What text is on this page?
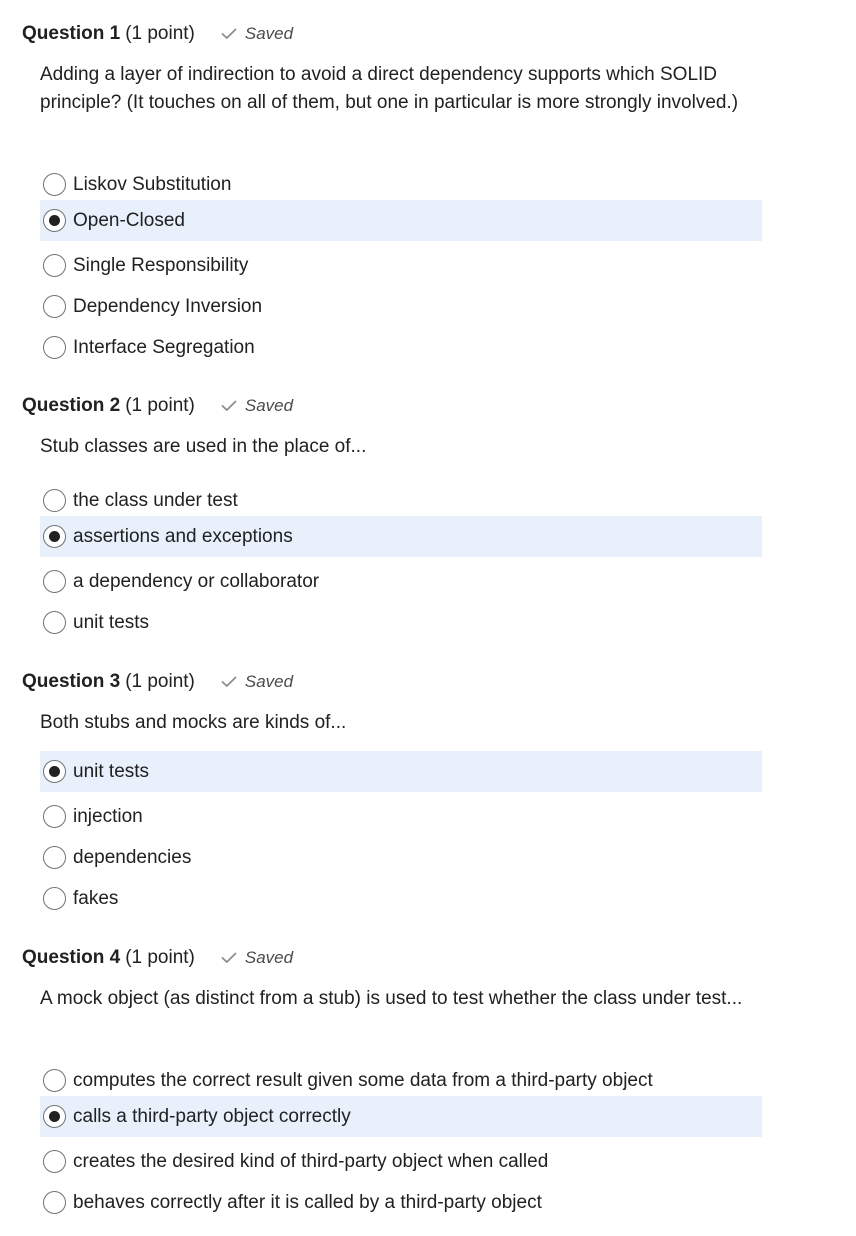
Question 1 (1 point)	Saved
Adding a layer of indirection to avoid a direct dependency supports which SOLID principle? (It touches on all of them, but one in particular is more strongly involved.)
Liskov Substitution
Open-Closed
Single Responsibility
Dependency Inversion
Interface Segregation
Question 2 (1 point)	Saved
Stub classes are used in the place of...
the class under test
assertions and exceptions
a dependency or collaborator
unit tests
Question 3 (1 point)	Saved
Both stubs and mocks are kinds of...
unit tests
injection
dependencies
fakes
Question 4 (1 point)	Saved
A mock object (as distinct from a stub) is used to test whether the class under test...
computes the correct result given some data from a third-party object
calls a third-party object correctly
creates the desired kind of third-party object when called
behaves correctly after it is called by a third-party object
